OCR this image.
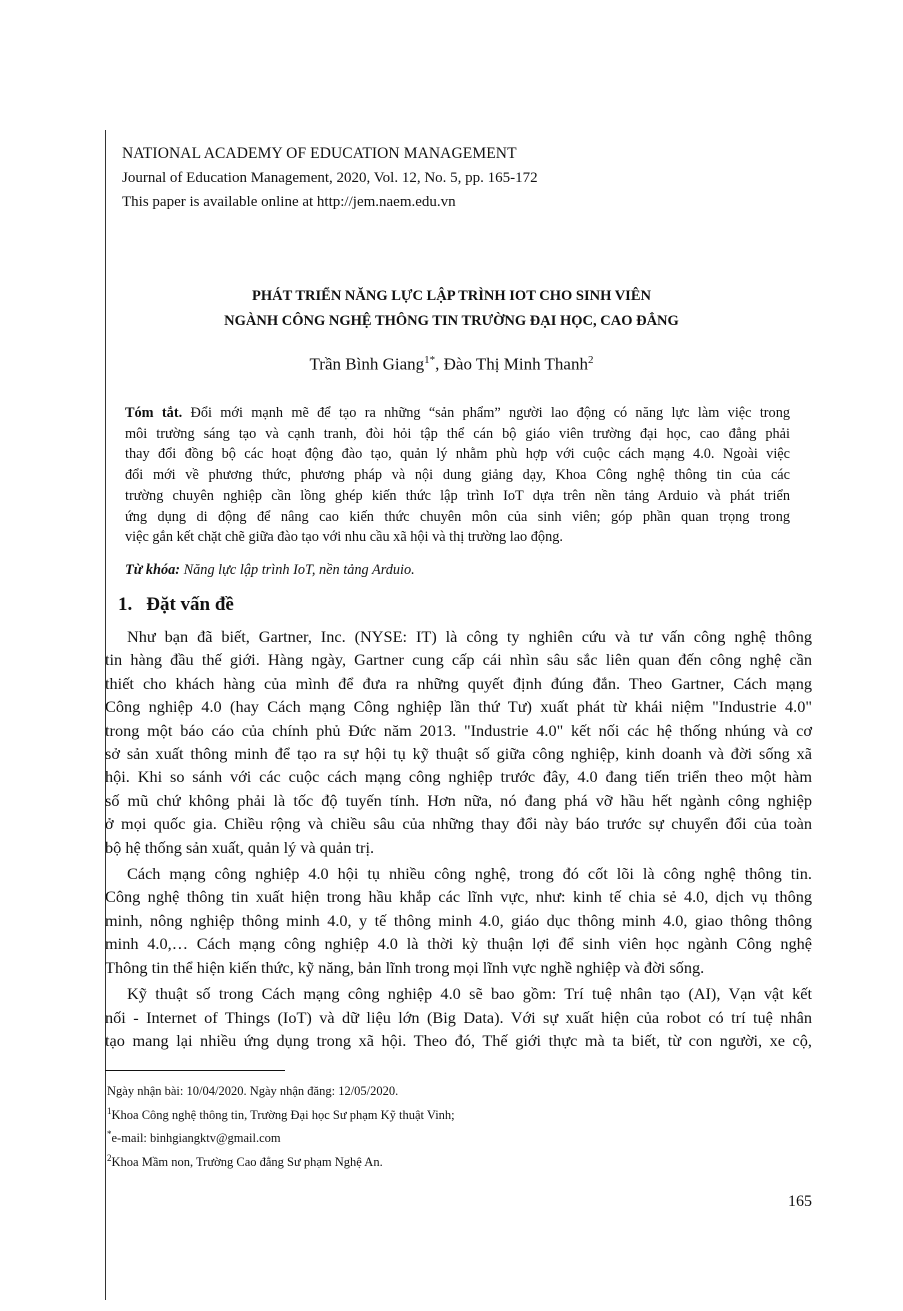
NATIONAL ACADEMY OF EDUCATION MANAGEMENT
Journal of Education Management, 2020, Vol. 12, No. 5, pp. 165-172
This paper is available online at http://jem.naem.edu.vn
PHÁT TRIỂN NĂNG LỰC LẬP TRÌNH IOT CHO SINH VIÊN
NGÀNH CÔNG NGHỆ THÔNG TIN TRƯỜNG ĐẠI HỌC, CAO ĐẲNG
Trần Bình Giang$^{1*}$, Đào Thị Minh Thanh$^2$
Tóm tắt. Đổi mới mạnh mẽ để tạo ra những “sản phẩm” người lao động có năng lực làm việc trong
môi trường sáng tạo và cạnh tranh, đòi hỏi tập thể cán bộ giáo viên trường đại học, cao đẳng phải
thay đổi đồng bộ các hoạt động đào tạo, quản lý nhằm phù hợp với cuộc cách mạng 4.0. Ngoài việc
đổi mới về phương thức, phương pháp và nội dung giảng dạy, Khoa Công nghệ thông tin của các
trường chuyên nghiệp cần lồng ghép kiến thức lập trình IoT dựa trên nền tảng Arduio và phát triển
ứng dụng di động để nâng cao kiến thức chuyên môn của sinh viên; góp phần quan trọng trong
việc gắn kết chặt chẽ giữa đào tạo với nhu cầu xã hội và thị trường lao động.
Từ khóa: Năng lực lập trình IoT, nền tảng Arduio.
1. Đặt vấn đề
Như bạn đã biết, Gartner, Inc. (NYSE: IT) là công ty nghiên cứu và tư vấn công nghệ thông
tin hàng đầu thế giới. Hàng ngày, Gartner cung cấp cái nhìn sâu sắc liên quan đến công nghệ cần
thiết cho khách hàng của mình để đưa ra những quyết định đúng đắn. Theo Gartner, Cách mạng
Công nghiệp 4.0 (hay Cách mạng Công nghiệp lần thứ Tư) xuất phát từ khái niệm "Industrie 4.0"
trong một báo cáo của chính phủ Đức năm 2013. "Industrie 4.0" kết nối các hệ thống nhúng và cơ
sở sản xuất thông minh để tạo ra sự hội tụ kỹ thuật số giữa công nghiệp, kinh doanh và đời sống xã
hội. Khi so sánh với các cuộc cách mạng công nghiệp trước đây, 4.0 đang tiến triển theo một hàm
số mũ chứ không phải là tốc độ tuyến tính. Hơn nữa, nó đang phá vỡ hầu hết ngành công nghiệp
ở mọi quốc gia. Chiều rộng và chiều sâu của những thay đổi này báo trước sự chuyển đổi của toàn
bộ hệ thống sản xuất, quản lý và quản trị.
Cách mạng công nghiệp 4.0 hội tụ nhiều công nghệ, trong đó cốt lõi là công nghệ thông tin.
Công nghệ thông tin xuất hiện trong hầu khắp các lĩnh vực, như: kinh tế chia sẻ 4.0, dịch vụ thông
minh, nông nghiệp thông minh 4.0, y tế thông minh 4.0, giáo dục thông minh 4.0, giao thông thông
minh 4.0,… Cách mạng công nghiệp 4.0 là thời kỳ thuận lợi để sinh viên học ngành Công nghệ
Thông tin thể hiện kiến thức, kỹ năng, bản lĩnh trong mọi lĩnh vực nghề nghiệp và đời sống.
Kỹ thuật số trong Cách mạng công nghiệp 4.0 sẽ bao gồm: Trí tuệ nhân tạo (AI), Vạn vật kết
nối - Internet of Things (IoT) và dữ liệu lớn (Big Data). Với sự xuất hiện của robot có trí tuệ nhân
tạo mang lại nhiều ứng dụng trong xã hội. Theo đó, Thế giới thực mà ta biết, từ con người, xe cộ,
Ngày nhận bài: 10/04/2020. Ngày nhận đăng: 12/05/2020.
$^1$Khoa Công nghệ thông tin, Trường Đại học Sư phạm Kỹ thuật Vinh;
*e-mail: binhgiangktv@gmail.com
$^2$Khoa Mầm non, Trường Cao đẳng Sư phạm Nghệ An.
165
